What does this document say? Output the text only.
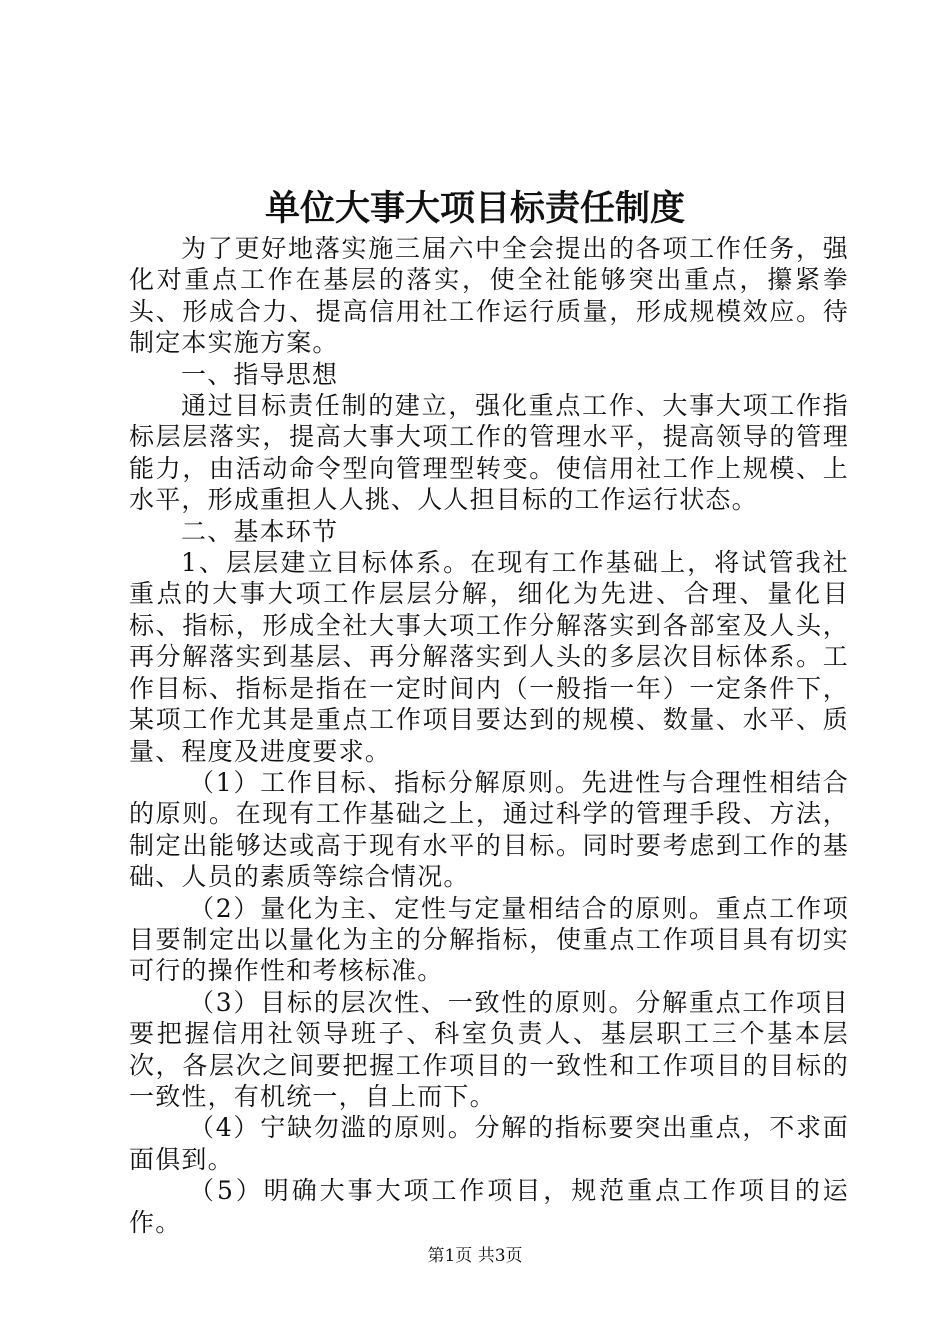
单位大事大项目标责任制度

为了更好地落实施三届六中全会提出的各项工作任务，强化对重点工作在基层的落实，使全社能够突出重点，攥紧拳头、形成合力、提高信用社工作运行质量，形成规模效应。待制定本实施方案。

一、指导思想

通过目标责任制的建立，强化重点工作、大事大项工作指标层层落实，提高大事大项工作的管理水平，提高领导的管理能力，由活动命令型向管理型转变。使信用社工作上规模、上水平，形成重担人人挑、人人担目标的工作运行状态。

二、基本环节

1、层层建立目标体系。在现有工作基础上，将试管我社重点的大事大项工作层层分解，细化为先进、合理、量化目标、指标，形成全社大事大项工作分解落实到各部室及人头，再分解落实到基层、再分解落实到人头的多层次目标体系。工作目标、指标是指在一定时间内（一般指一年）一定条件下，某项工作尤其是重点工作项目要达到的规模、数量、水平、质量、程度及进度要求。

（1）工作目标、指标分解原则。先进性与合理性相结合的原则。在现有工作基础之上，通过科学的管理手段、方法，制定出能够达或高于现有水平的目标。同时要考虑到工作的基础、人员的素质等综合情况。

（2）量化为主、定性与定量相结合的原则。重点工作项目要制定出以量化为主的分解指标，使重点工作项目具有切实可行的操作性和考核标准。

（3）目标的层次性、一致性的原则。分解重点工作项目要把握信用社领导班子、科室负责人、基层职工三个基本层次，各层次之间要把握工作项目的一致性和工作项目的目标的一致性，有机统一，自上而下。

（4）宁缺勿滥的原则。分解的指标要突出重点，不求面面俱到。

（5）明确大事大项工作项目，规范重点工作项目的运作。

第1页 共3页
